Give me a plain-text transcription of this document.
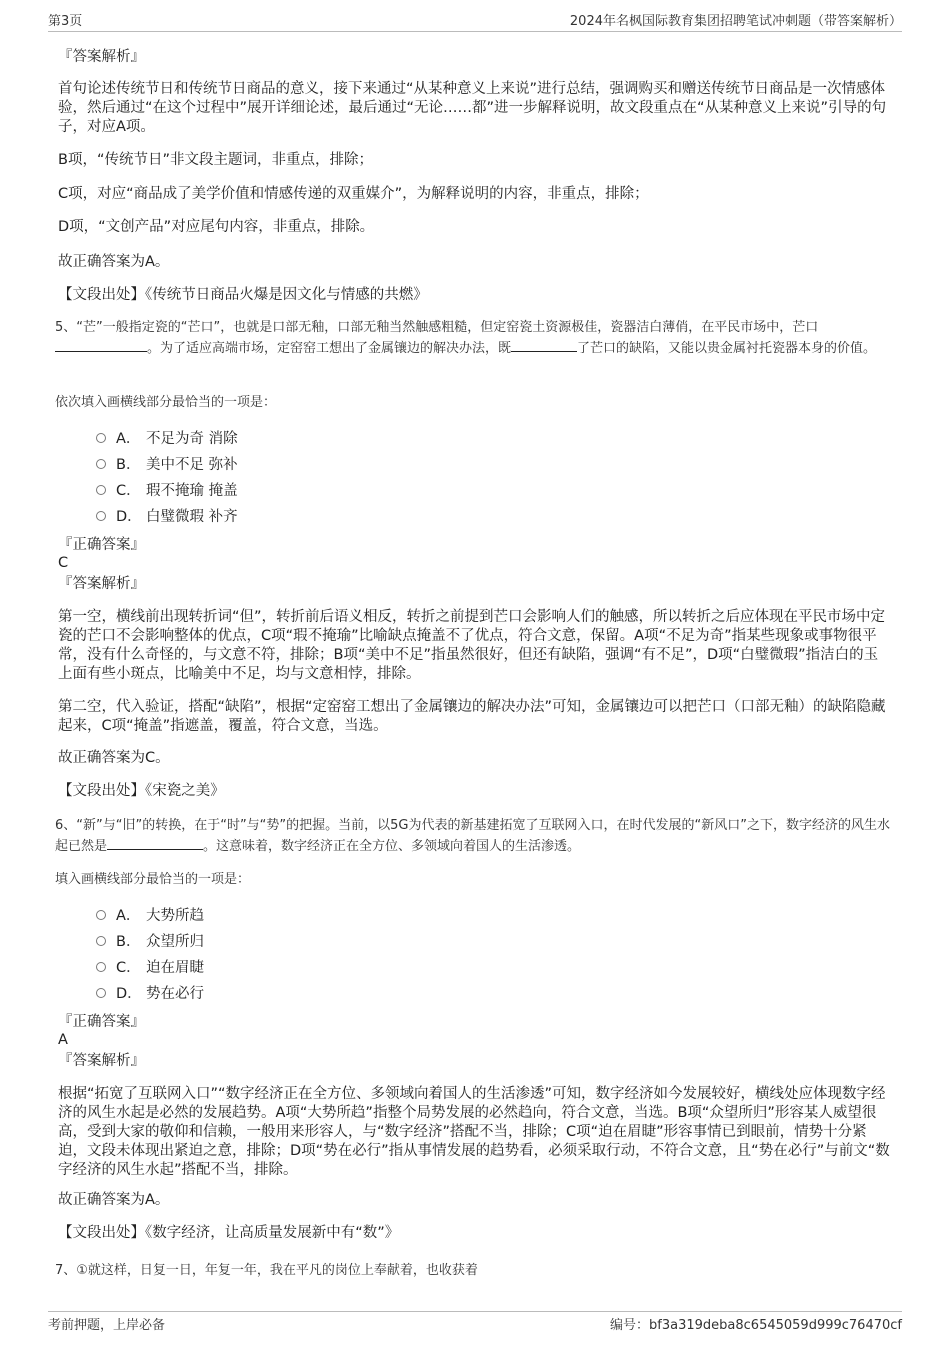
第3页	2024年名枫国际教育集团招聘笔试冲刺题（带答案解析）
『答案解析』
首句论述传统节日和传统节日商品的意义，接下来通过“从某种意义上来说”进行总结，强调购买和赠送传统节日商品是一次情感体验，然后通过“在这个过程中”展开详细论述，最后通过“无论……都”进一步解释说明，故文段重点在“从某种意义上来说”引导的句子，对应A项。
B项，“传统节日”非文段主题词，非重点，排除；
C项，对应“商品成了美学价值和情感传递的双重媒介”，为解释说明的内容，非重点，排除；
D项，“文创产品”对应尾句内容，非重点，排除。
故正确答案为A。
【文段出处】《传统节日商品火爆是因文化与情感的共燃》
5、“芒”一般指定瓷的“芒口”，也就是口部无釉，口部无釉当然触感粗糙，但定窑瓷土资源极佳，瓷器洁白薄俏，在平民市场中，芒口
。为了适应高端市场，定窑窑工想出了金属镶边的解决办法，既	了芒口的缺陷，又能以贵金属衬托瓷器本身的价值。
依次填入画横线部分最恰当的一项是：
A． 不足为奇 消除
B． 美中不足 弥补
C． 瑕不掩瑜 掩盖
D． 白璧微瑕 补齐
『正确答案』
C
『答案解析』
第一空，横线前出现转折词“但”，转折前后语义相反，转折之前提到芒口会影响人们的触感，所以转折之后应体现在平民市场中定瓷的芒口不会影响整体的优点，C项“瑕不掩瑜”比喻缺点掩盖不了优点，符合文意，保留。A项“不足为奇”指某些现象或事物很平常，没有什么奇怪的，与文意不符，排除；B项“美中不足”指虽然很好，但还有缺陷，强调“有不足”，D项“白璧微瑕”指洁白的玉上面有些小斑点，比喻美中不足，均与文意相悖，排除。
第二空，代入验证，搭配“缺陷”，根据“定窑窑工想出了金属镶边的解决办法”可知，金属镶边可以把芒口（口部无釉）的缺陷隐藏起来，C项“掩盖”指遮盖，覆盖，符合文意，当选。
故正确答案为C。
【文段出处】《宋瓷之美》
6、“新”与“旧”的转换，在于“时”与“势”的把握。当前，以5G为代表的新基建拓宽了互联网入口，在时代发展的“新风口”之下，数字经济的风生水起已然是	。这意味着，数字经济正在全方位、多领域向着国人的生活渗透。
填入画横线部分最恰当的一项是：
A． 大势所趋
B． 众望所归
C． 迫在眉睫
D． 势在必行
『正确答案』
A
『答案解析』
根据“拓宽了互联网入口”“数字经济正在全方位、多领域向着国人的生活渗透”可知，数字经济如今发展较好，横线处应体现数字经济的风生水起是必然的发展趋势。A项“大势所趋”指整个局势发展的必然趋向，符合文意，当选。B项“众望所归”形容某人威望很高，受到大家的敬仰和信赖，一般用来形容人，与“数字经济”搭配不当，排除；C项“迫在眉睫”形容事情已到眼前，情势十分紧迫，文段未体现出紧迫之意，排除；D项“势在必行”指从事情发展的趋势看，必须采取行动，不符合文意，且“势在必行”与前文“数字经济的风生水起”搭配不当，排除。
故正确答案为A。
【文段出处】《数字经济，让高质量发展新中有“数”》
7、①就这样，日复一日，年复一年，我在平凡的岗位上奉献着，也收获着
考前押题，上岸必备	编号：bf3a319deba8c6545059d999c76470cf
